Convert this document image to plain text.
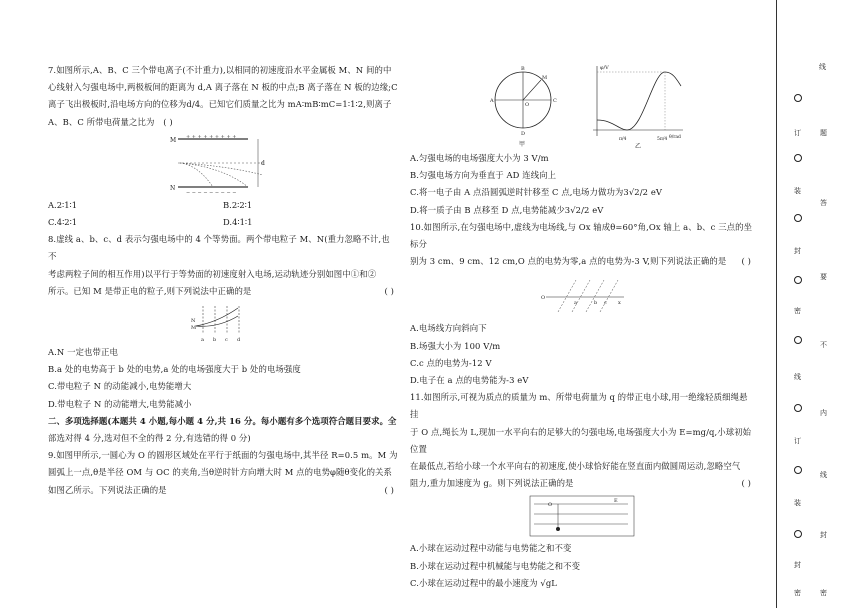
7.如图所示,A、B、C 三个带电离子(不计重力),以相同的初速度沿水平金属板 M、N 间的中
心线射入匀强电场中,两极板间的距离为 d,A 离子落在 N 板的中点;B 离子落在 N 板的边缘;C
离子飞出极板时,沿电场方向的位移为d/4。已知它们质量之比为 mA∶mB∶mC=1∶1∶2,则离子
A、B、C 所带电荷量之比为 ( )
+ + + + + + + + +
M
− − − − − − − − −
N
d
A.2∶1∶1	B.2∶2∶1
C.4∶2∶1	D.4∶1∶1
8.虚线 a、b、c、d 表示匀强电场中的 4 个等势面。两个带电粒子 M、N(重力忽略不计,也不
考虑两粒子间的相互作用)以平行于等势面的初速度射入电场,运动轨迹分别如图中①和②
所示。已知 M 是带正电的粒子,则下列说法中正确的是	( )
M
N
a b c d
A.N 一定也带正电
B.a 处的电势高于 b 处的电势,a 处的电场强度大于 b 处的电场强度
C.带电粒子 N 的动能减小,电势能增大
D.带电粒子 N 的动能增大,电势能减小
二、多项选择题(本题共 4 小题,每小题 4 分,共 16 分。每小题有多个选项符合题目要求。全
部选对得 4 分,选对但不全的得 2 分,有选错的得 0 分)
9.如图甲所示,一圆心为 O 的圆形区域处在平行于纸面的匀强电场中,其半径 R=0.5 m。M 为
圆弧上一点,θ是半径 OM 与 OC 的夹角,当θ逆时针方向增大时 M 点的电势φ随θ变化的关系
如图乙所示。下列说法正确的是	( )
A
B
C
D
M
O
甲
φ/V
θ/rad
π/4	5π/4
乙
A.匀强电场的电场强度大小为 3 V/m
B.匀强电场方向为垂直于 AD 连线向上
C.将一电子由 A 点沿圆弧逆时针移至 C 点,电场力做功为3√2/2 eV
D.将一质子由 B 点移至 D 点,电势能减少3√2/2 eV
10.如图所示,在匀强电场中,虚线为电场线,与 Ox 轴成θ=60°角,Ox 轴上 a、b、c 三点的坐标分
别为 3 cm、9 cm、12 cm,O 点的电势为零,a 点的电势为-3 V,则下列说法正确的是 ( )
O
a	b c x
A.电场线方向斜向下
B.场强大小为 100 V/m
C.c 点的电势为-12 V
D.电子在 a 点的电势能为-3 eV
11.如图所示,可视为质点的质量为 m、所带电荷量为 q 的带正电小球,用一绝缘轻质细绳悬挂
于 O 点,绳长为 L,现加一水平向右的足够大的匀强电场,电场强度大小为 E=mg/q,小球初始位置
在最低点,若给小球一个水平向右的初速度,使小球恰好能在竖直面内做圆周运动,忽略空气
阻力,重力加速度为 g。则下列说法正确的是	( )
O
E
A.小球在运动过程中动能与电势能之和不变
B.小球在运动过程中机械能与电势能之和不变
C.小球在运动过程中的最小速度为 √gL
线
订
装
封
密
线
订
装
封
密
题
答
要
不
内
线
封
密
